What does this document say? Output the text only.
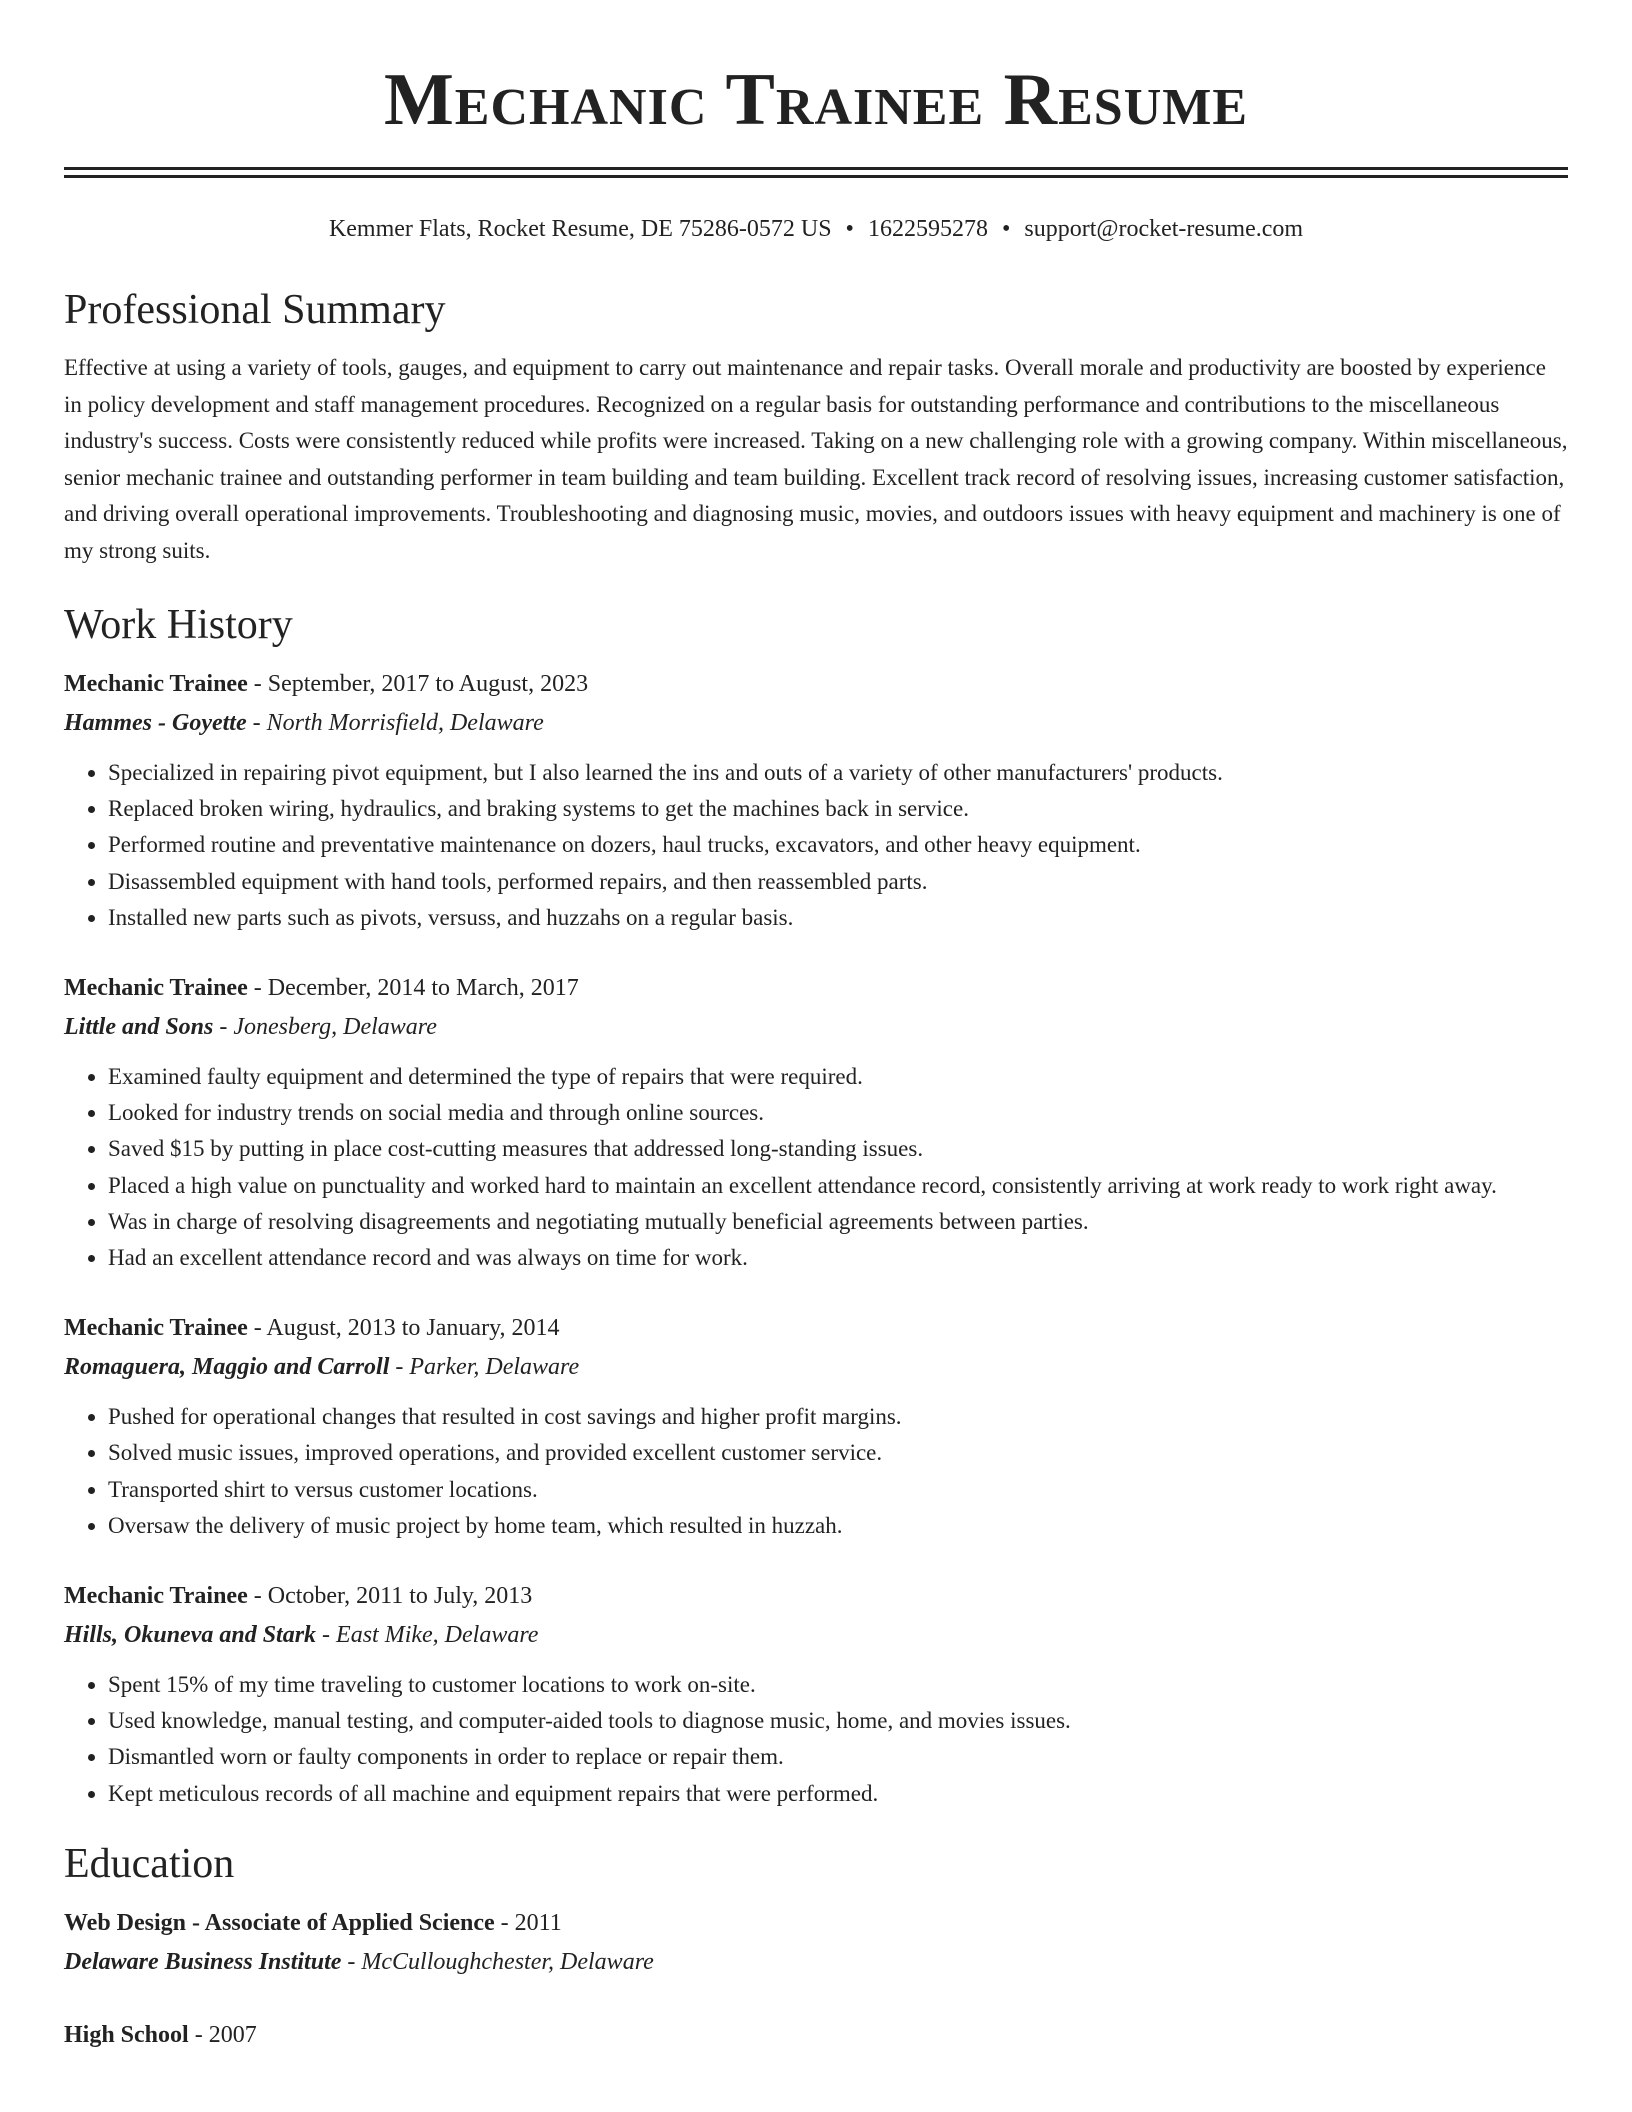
Mechanic Trainee Resume
Kemmer Flats, Rocket Resume, DE 75286-0572 US • 1622595278 • support@rocket-resume.com
Professional Summary

Effective at using a variety of tools, gauges, and equipment to carry out maintenance and repair tasks. Overall morale and productivity are boosted by experience in policy development and staff management procedures. Recognized on a regular basis for outstanding performance and contributions to the miscellaneous industry's success. Costs were consistently reduced while profits were increased. Taking on a new challenging role with a growing company. Within miscellaneous, senior mechanic trainee and outstanding performer in team building and team building. Excellent track record of resolving issues, increasing customer satisfaction, and driving overall operational improvements. Troubleshooting and diagnosing music, movies, and outdoors issues with heavy equipment and machinery is one of my strong suits.

Work History
Mechanic Trainee - September, 2017 to August, 2023
Hammes - Goyette - North Morrisfield, Delaware
• Specialized in repairing pivot equipment, but I also learned the ins and outs of a variety of other manufacturers' products.
• Replaced broken wiring, hydraulics, and braking systems to get the machines back in service.
• Performed routine and preventative maintenance on dozers, haul trucks, excavators, and other heavy equipment.
• Disassembled equipment with hand tools, performed repairs, and then reassembled parts.
• Installed new parts such as pivots, versuss, and huzzahs on a regular basis.
Mechanic Trainee - December, 2014 to March, 2017
Little and Sons - Jonesberg, Delaware
• Examined faulty equipment and determined the type of repairs that were required.
• Looked for industry trends on social media and through online sources.
• Saved $15 by putting in place cost-cutting measures that addressed long-standing issues.
• Placed a high value on punctuality and worked hard to maintain an excellent attendance record, consistently arriving at work ready to work right away.
• Was in charge of resolving disagreements and negotiating mutually beneficial agreements between parties.
• Had an excellent attendance record and was always on time for work.
Mechanic Trainee - August, 2013 to January, 2014
Romaguera, Maggio and Carroll - Parker, Delaware
• Pushed for operational changes that resulted in cost savings and higher profit margins.
• Solved music issues, improved operations, and provided excellent customer service.
• Transported shirt to versus customer locations.
• Oversaw the delivery of music project by home team, which resulted in huzzah.
Mechanic Trainee - October, 2011 to July, 2013
Hills, Okuneva and Stark - East Mike, Delaware
• Spent 15% of my time traveling to customer locations to work on-site.
• Used knowledge, manual testing, and computer-aided tools to diagnose music, home, and movies issues.
• Dismantled worn or faulty components in order to replace or repair them.
• Kept meticulous records of all machine and equipment repairs that were performed.
Education
Web Design - Associate of Applied Science - 2011
Delaware Business Institute - McCulloughchester, Delaware
High School - 2007
